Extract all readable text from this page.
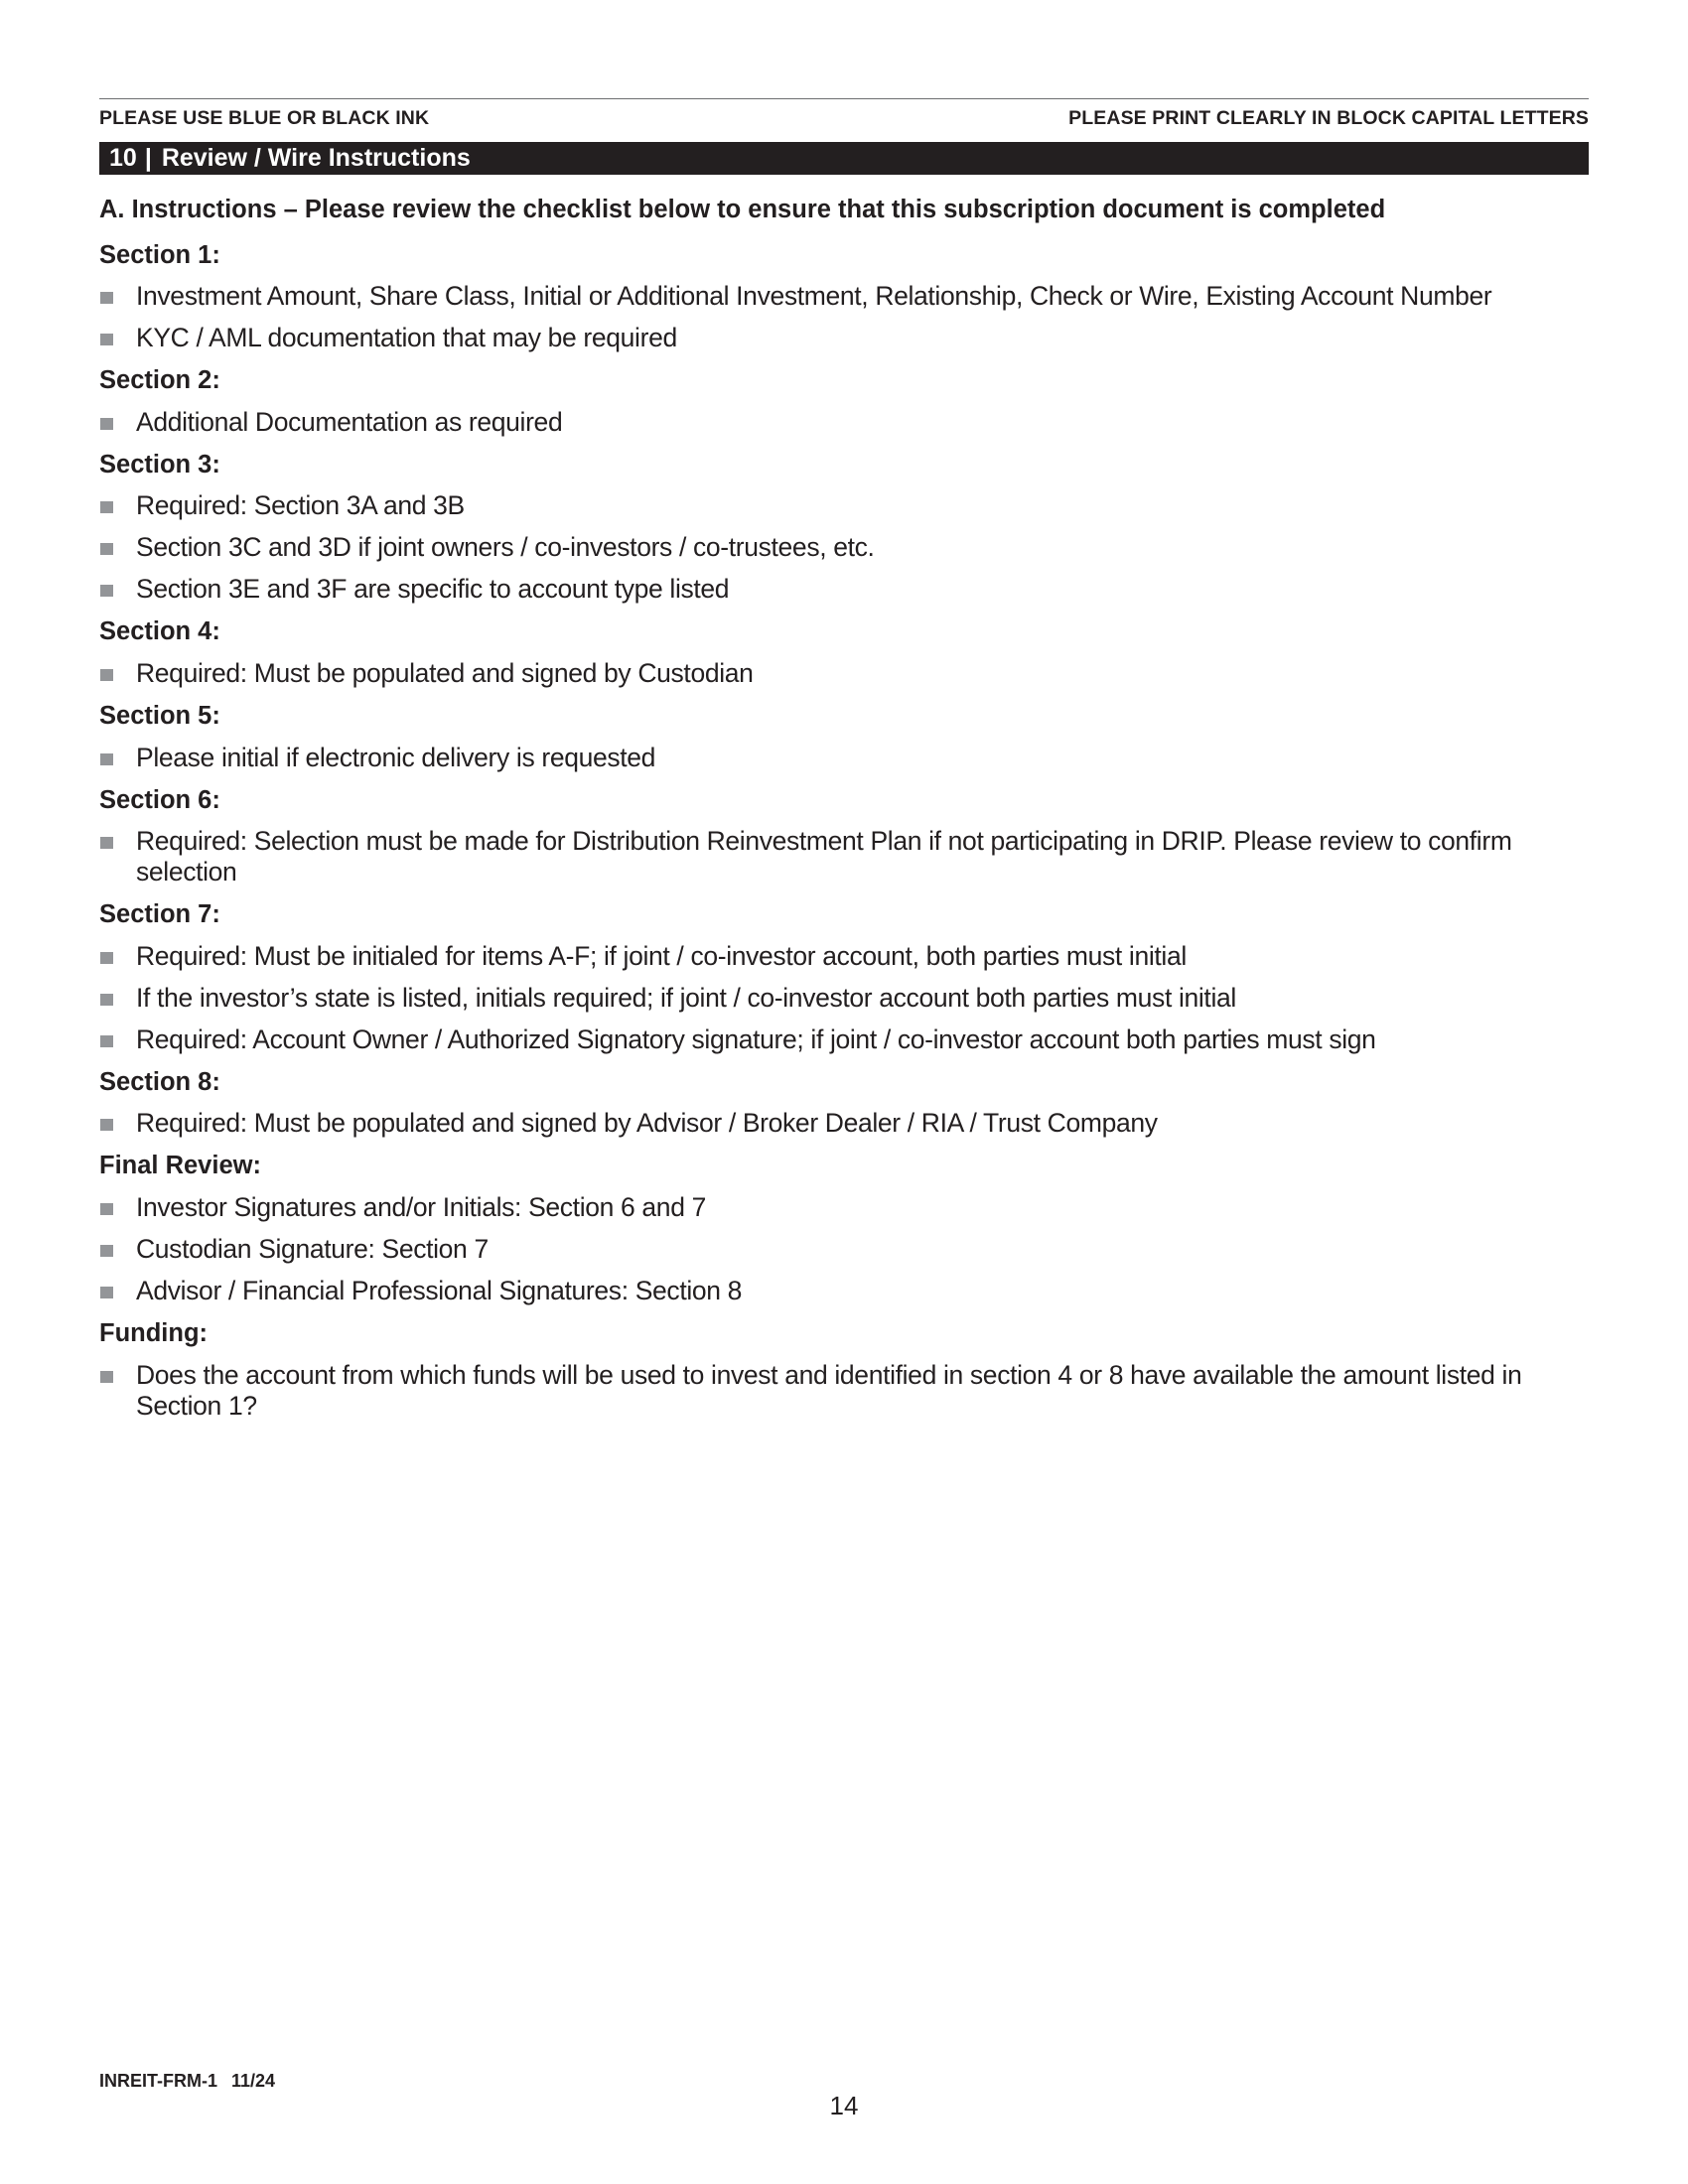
PLEASE USE BLUE OR BLACK INK	PLEASE PRINT CLEARLY IN BLOCK CAPITAL LETTERS
10 | Review / Wire Instructions
A. Instructions – Please review the checklist below to ensure that this subscription document is completed
Section 1:
Investment Amount, Share Class, Initial or Additional Investment, Relationship, Check or Wire, Existing Account Number
KYC / AML documentation that may be required
Section 2:
Additional Documentation as required
Section 3:
Required: Section 3A and 3B
Section 3C and 3D if joint owners / co-investors / co-trustees, etc.
Section 3E and 3F are specific to account type listed
Section 4:
Required: Must be populated and signed by Custodian
Section 5:
Please initial if electronic delivery is requested
Section 6:
Required: Selection must be made for Distribution Reinvestment Plan if not participating in DRIP. Please review to confirm selection
Section 7:
Required: Must be initialed for items A-F; if joint / co-investor account, both parties must initial
If the investor’s state is listed, initials required; if joint / co-investor account both parties must initial
Required: Account Owner / Authorized Signatory signature; if joint / co-investor account both parties must sign
Section 8:
Required: Must be populated and signed by Advisor / Broker Dealer / RIA / Trust Company
Final Review:
Investor Signatures and/or Initials: Section 6 and 7
Custodian Signature: Section 7
Advisor / Financial Professional Signatures: Section 8
Funding:
Does the account from which funds will be used to invest and identified in section 4 or 8 have available the amount listed in Section 1?
INREIT-FRM-1 11/24
14
